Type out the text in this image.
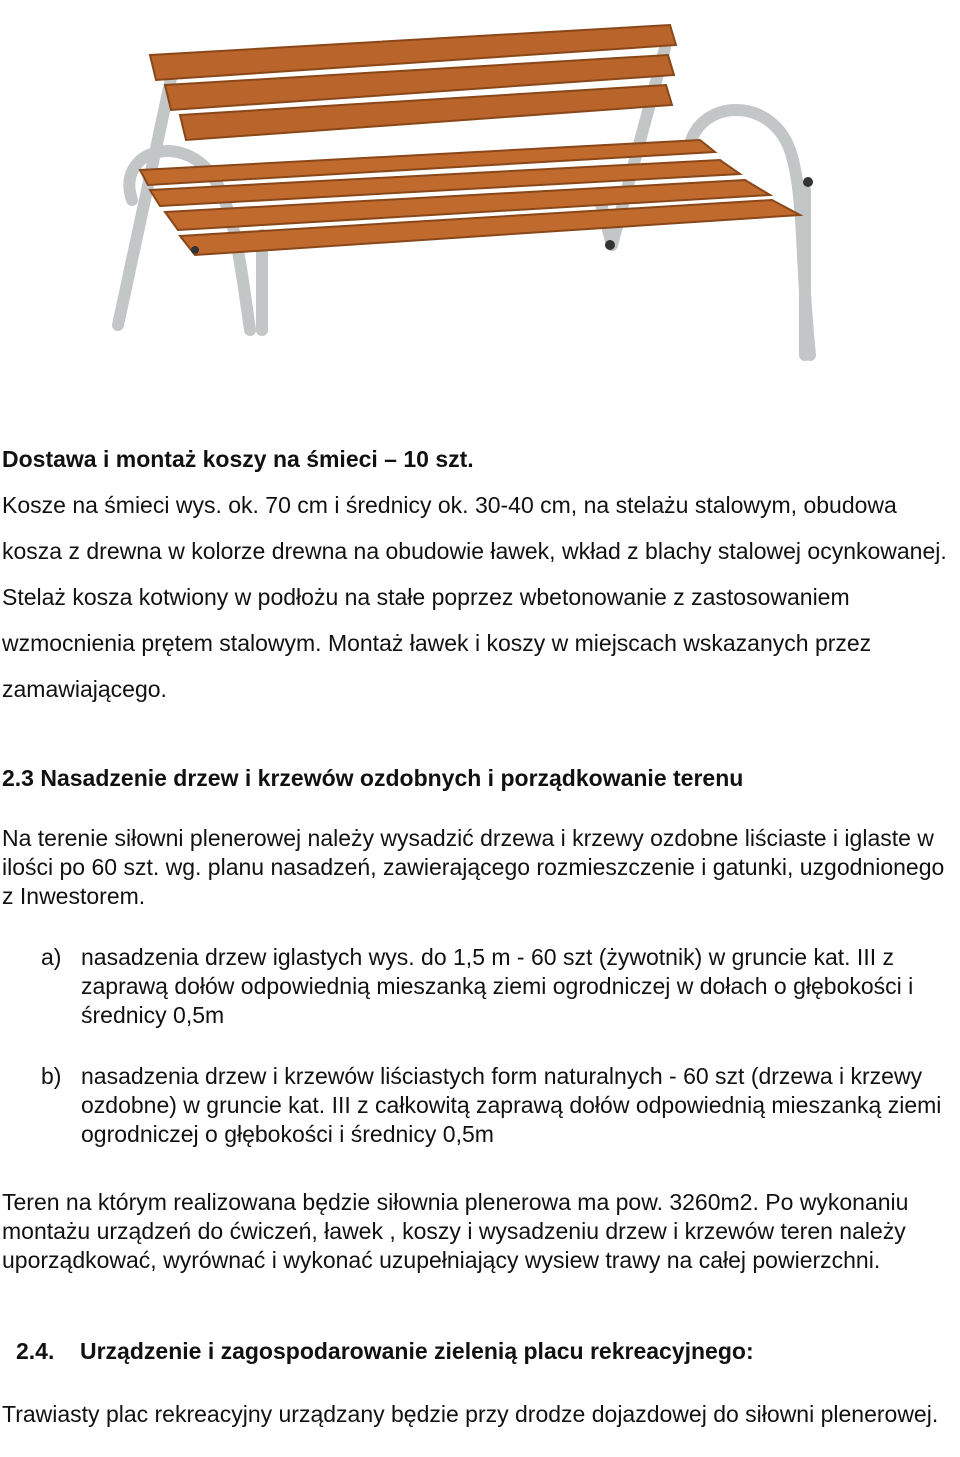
Dostawa i montaż koszy na śmieci – 10 szt.

Kosze na śmieci wys. ok. 70 cm i średnicy ok. 30-40 cm, na stelażu stalowym, obudowa kosza z drewna w kolorze drewna na obudowie ławek, wkład z blachy stalowej ocynkowanej. Stelaż kosza kotwiony w podłożu na stałe poprzez wbetonowanie z zastosowaniem wzmocnienia prętem stalowym. Montaż ławek i koszy w miejscach wskazanych przez zamawiającego.

2.3 Nasadzenie drzew i krzewów ozdobnych i porządkowanie terenu

Na terenie siłowni plenerowej należy wysadzić drzewa i krzewy ozdobne liściaste i iglaste w ilości po 60 szt. wg. planu nasadzeń, zawierającego rozmieszczenie i gatunki, uzgodnionego z Inwestorem.

a) nasadzenia drzew iglastych wys. do 1,5 m - 60 szt (żywotnik) w gruncie kat. III z zaprawą dołów odpowiednią mieszanką ziemi ogrodniczej w dołach o głębokości i średnicy 0,5m
b) nasadzenia drzew i krzewów liściastych form naturalnych - 60 szt (drzewa i krzewy ozdobne) w gruncie kat. III z całkowitą zaprawą dołów odpowiednią mieszanką ziemi ogrodniczej o głębokości i średnicy 0,5m

Teren na którym realizowana będzie siłownia plenerowa ma pow. 3260m2. Po wykonaniu montażu urządzeń do ćwiczeń, ławek , koszy i wysadzeniu drzew i krzewów teren należy uporządkować, wyrównać i wykonać uzupełniający wysiew trawy na całej powierzchni.

2.4. Urządzenie i zagospodarowanie zielenią placu rekreacyjnego:

Trawiasty plac rekreacyjny urządzany będzie przy drodze dojazdowej do siłowni plenerowej.
